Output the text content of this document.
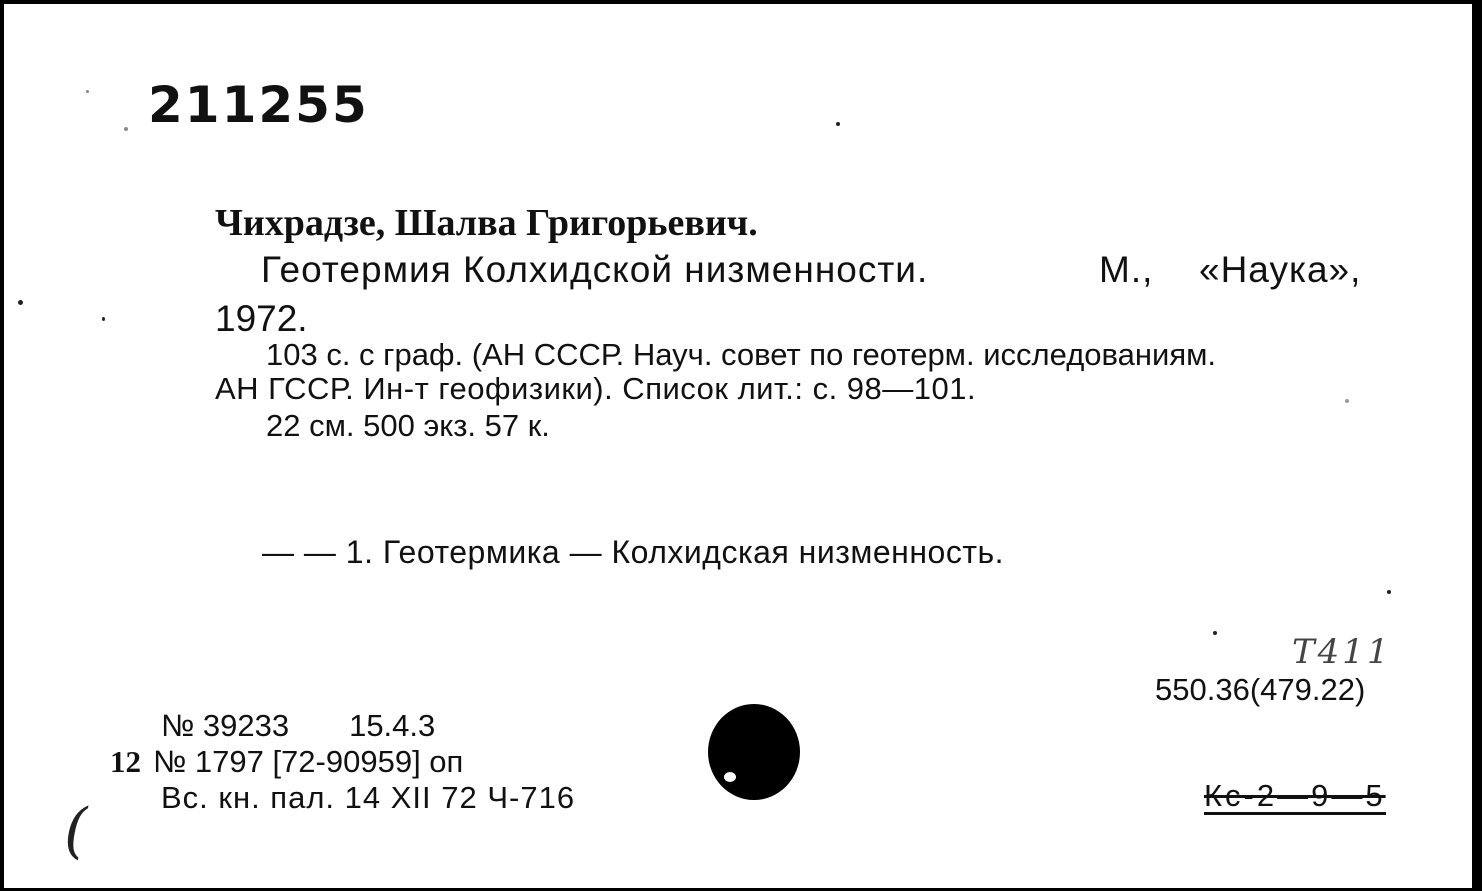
211255
Чихрадзе, Шалва Григорьевич.
Геотермия Колхидской низменности.	М., «Наука»,
1972.
103 с. с граф. (АН СССР. Науч. совет по геотерм. исследованиям.
АН ГССР. Ин-т геофизики). Список лит.: с. 98—101.
22 см. 500 экз. 57 к.
— — 1. Геотермика — Колхидская низменность.
Т411
550.36(479.22)
№ 39233 15.4.3
12 № 1797 [72-90959] оп
Вс. кн. пал. 14 XII 72 Ч-716	Кс-2—9—5
(
